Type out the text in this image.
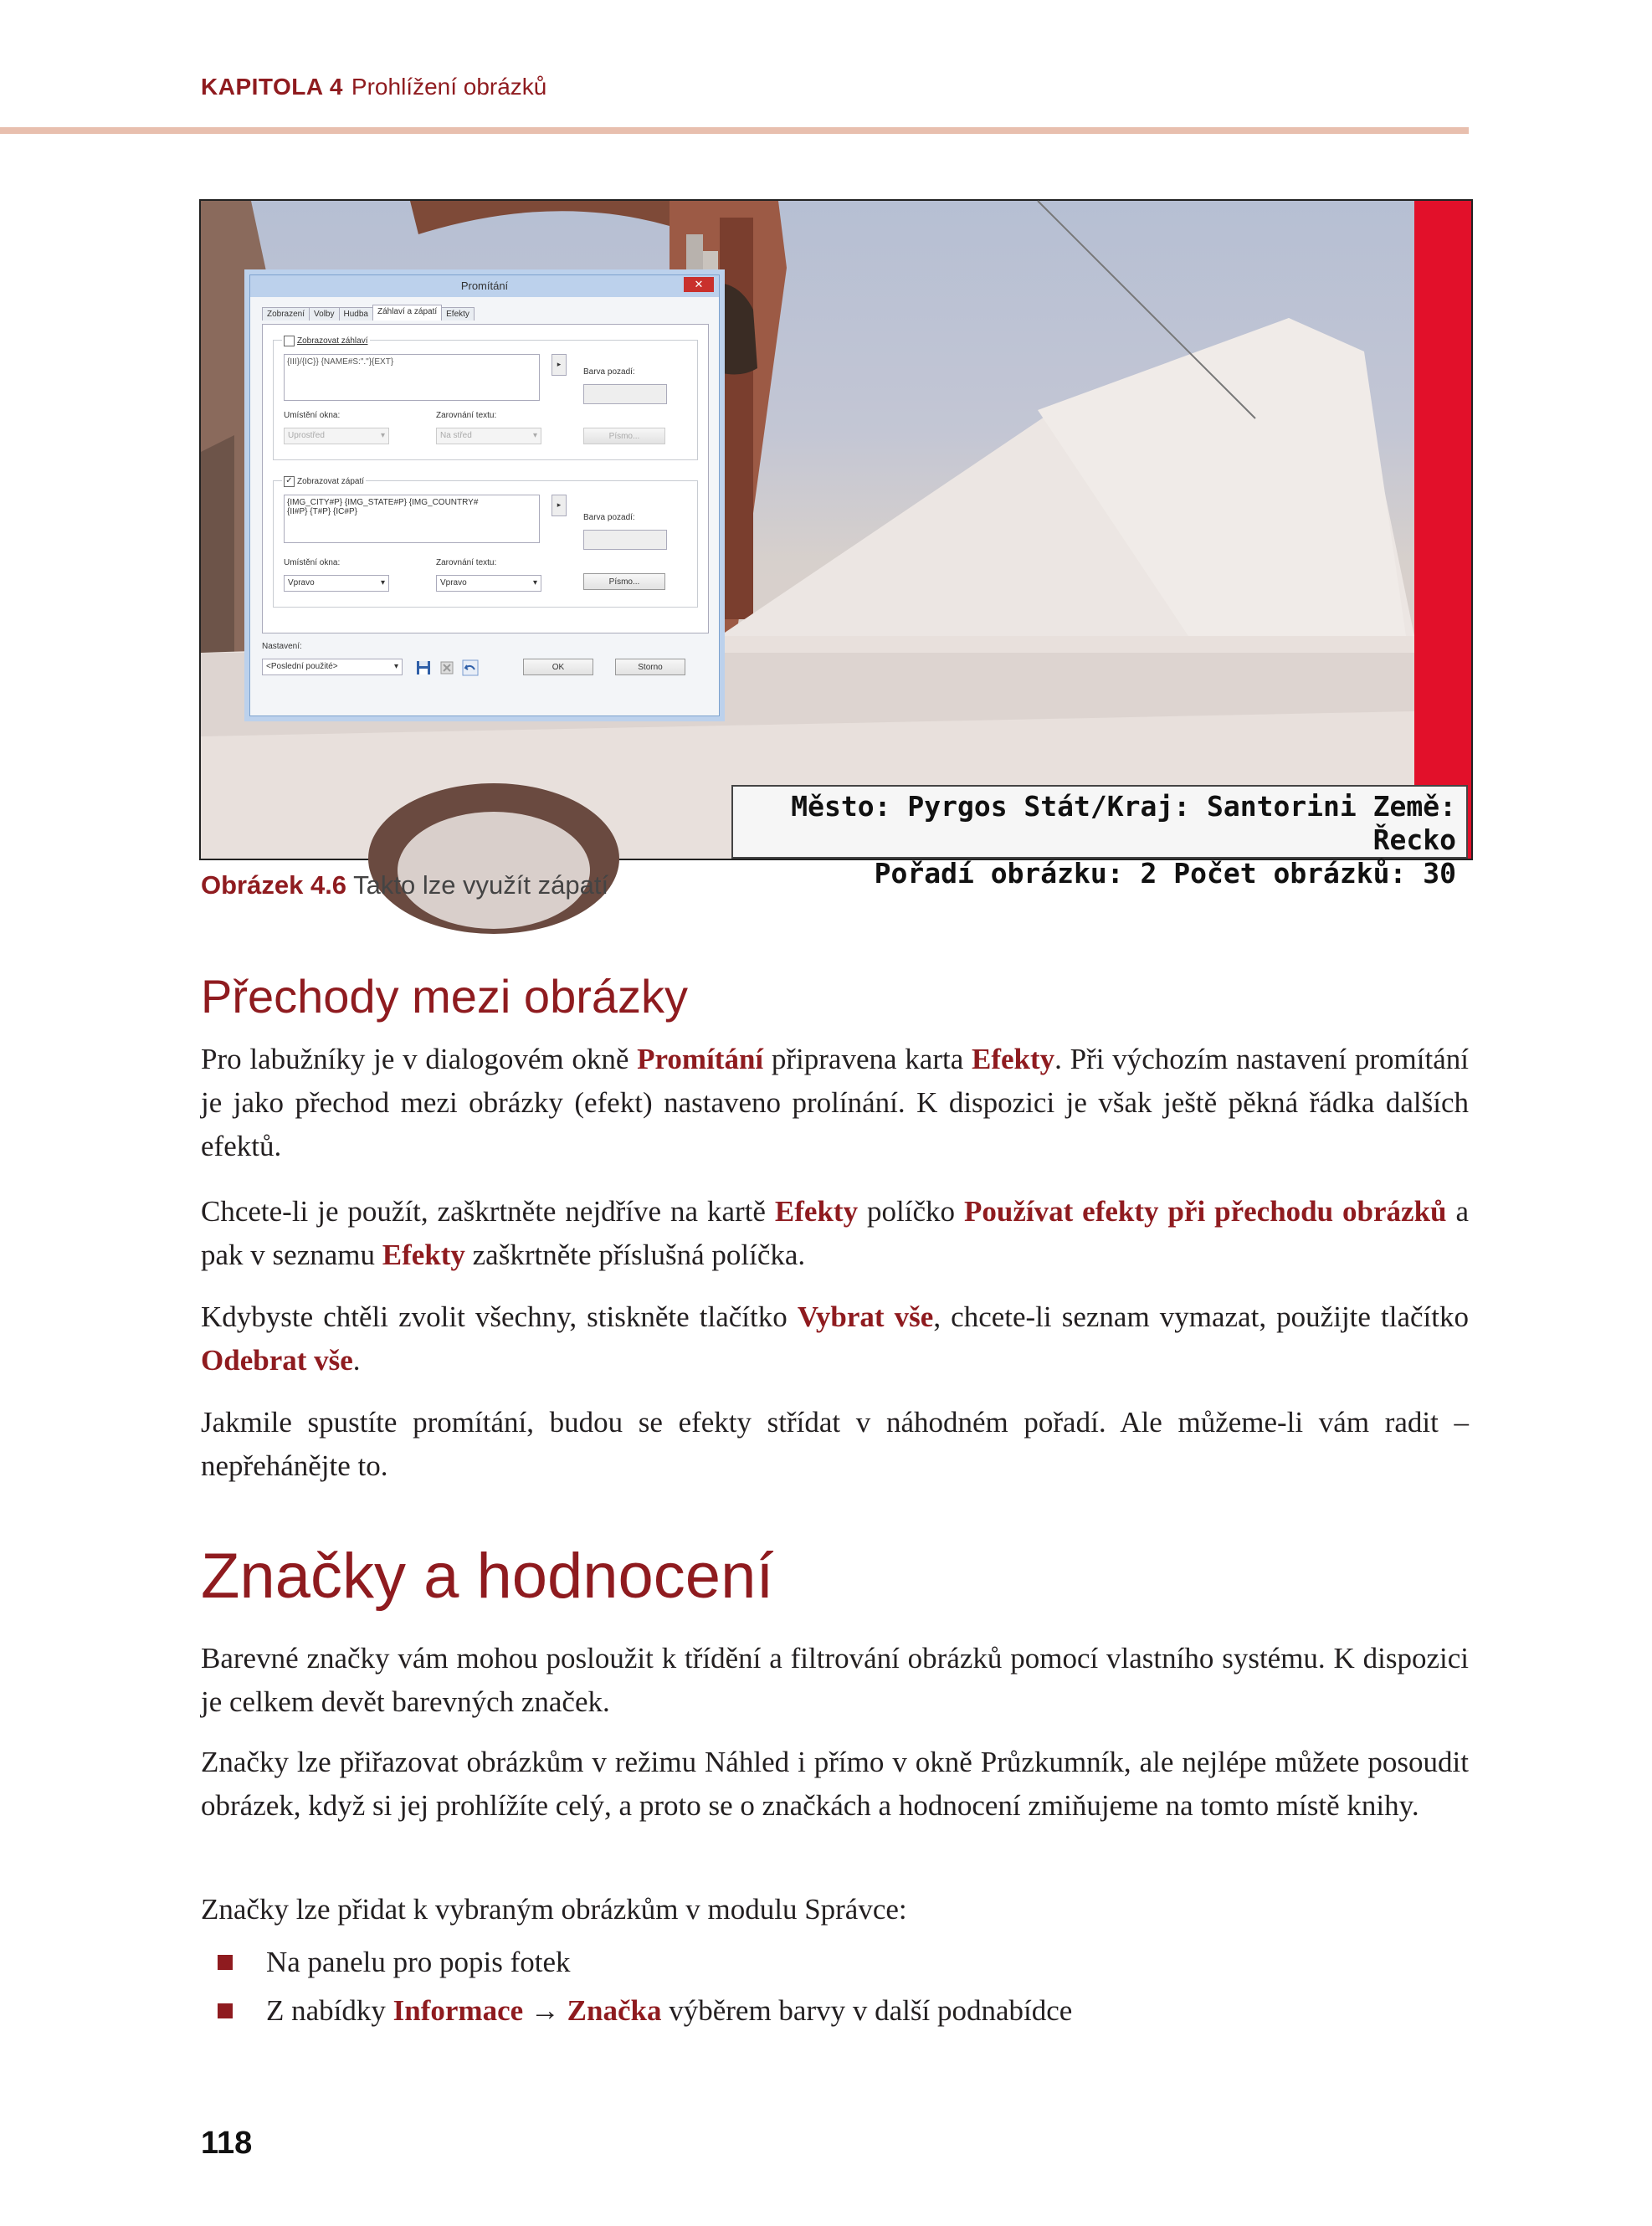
KAPITOLA 4 Prohlížení obrázků
Promítání	✕
Zobrazení Volby Hudba Záhlaví a zápatí Efekty
Zobrazovat záhlaví
{III}/{IC}} {NAME#S:"."}{EXT}	▸
Barva pozadí:
Umístění okna:
Uprostřed	▾
Zarovnání textu:
Na střed	▾	Písmo...
✓ Zobrazovat zápatí
{IMG_CITY#P} {IMG_STATE#P} {IMG_COUNTRY#
{II#P} {T#P} {IC#P}
▸
Barva pozadí:
Umístění okna:
Vpravo	▾
Zarovnání textu:
Vpravo	▾	Písmo...
Nastavení:
<Poslední použité>	▾	OK	Storno
Město: Pyrgos Stát/Kraj: Santorini Země: Řecko
Pořadí obrázku: 2 Počet obrázků: 30
Obrázek 4.6 Takto lze využít zápatí
Přechody mezi obrázky

Pro labužníky je v dialogovém okně Promítání připravena karta Efekty. Při výchozím nastavení promítání je jako přechod mezi obrázky (efekt) nastaveno prolínání. K dispozici je však ještě pěkná řádka dalších efektů.

Chcete-li je použít, zaškrtněte nejdříve na kartě Efekty políčko Používat efekty při přechodu obrázků a pak v seznamu Efekty zaškrtněte příslušná políčka.

Kdybyste chtěli zvolit všechny, stiskněte tlačítko Vybrat vše, chcete-li seznam vymazat, použijte tlačítko Odebrat vše.

Jakmile spustíte promítání, budou se efekty střídat v náhodném pořadí. Ale můžeme-li vám radit – nepřehánějte to.

Značky a hodnocení

Barevné značky vám mohou posloužit k třídění a filtrování obrázků pomocí vlastního systému. K dispozici je celkem devět barevných značek.

Značky lze přiřazovat obrázkům v režimu Náhled i přímo v okně Průzkumník, ale nejlépe můžete posoudit obrázek, když si jej prohlížíte celý, a proto se o značkách a hodnocení zmiňujeme na tomto místě knihy.

Značky lze přidat k vybraným obrázkům v modulu Správce:

Na panelu pro popis fotek
Z nabídky Informace → Značka výběrem barvy v další podnabídce
118
